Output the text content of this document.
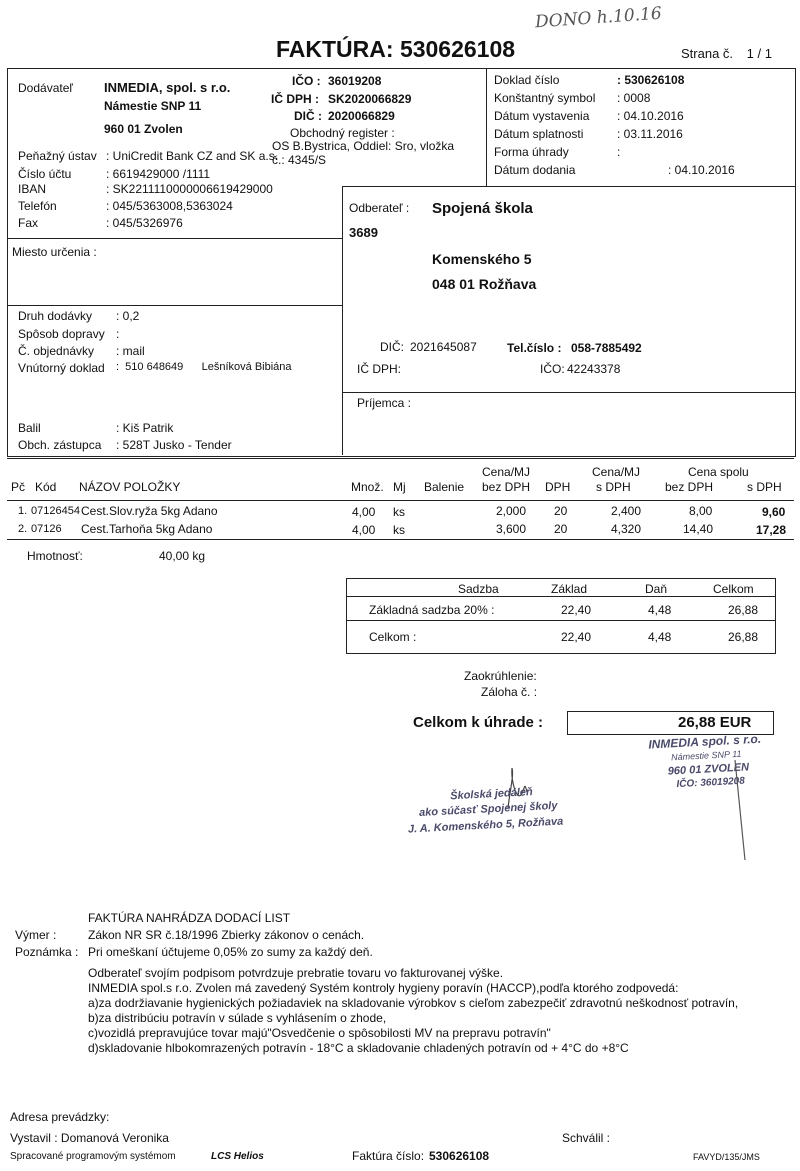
DONO h.10.16
FAKTÚRA: 530626108	Strana č. 1 / 1
Dodávateľ INMEDIA, spol. s r.o.
Námestie SNP 11
960 01 Zvolen
IČO : 36019208
IČ DPH : SK2020066829
DIČ : 2020066829
Obchodný register :
OS B.Bystrica, Oddiel: Sro, vložka
č.: 4345/S
Peňažný ústav : UniCredit Bank CZ and SK a.s.
Číslo účtu	: 6619429000 /1111
IBAN	: SK2211110000006619429000
Telefón	: 045/5363008,5363024
Fax	: 045/5326976
Doklad číslo	: 530626108
Konštantný symbol : 0008
Dátum vystavenia : 04.10.2016
Dátum splatnosti	: 03.11.2016
Forma úhrady	:
Dátum dodania	: 04.10.2016
Odberateľ : Spojená škola
3689
Komenského 5
048 01 Rožňava
DIČ: 2021645087	Tel.číslo : 058-7885492
IČ DPH:	IČO: 42243378
Príjemca :
Miesto určenia :
Druh dodávky : 0,2
Spôsob dopravy :
Č. objednávky : mail
Vnútorný doklad :  510 648649      Lešníková Bibiána
Balil	: Kiš Patrik
Obch. zástupca : 528T Jusko - Tender
Pč Kód NÁZOV POLOŽKY	Množ. Mj Balenie
Cena/MJ
bez DPH DPH
Cena/MJ
s DPH
Cena spolu
bez DPH	s DPH
1. 07126454 Cest.Slov.ryža 5kg Adano	4,00 ks	2,000 20	2,400	8,00	9,60
2. 07126 Cest.Tarhoňa 5kg Adano	4,00 ks	3,600 20	4,320	14,40	17,28
Hmotnosť:	40,00 kg
Sadzba	Základ	Daň	Celkom
Základná sadzba 20% :	22,40	4,48	26,88
Celkom :	22,40	4,48	26,88
Zaokrúhlenie:
Záloha č. :
Celkom k úhrade :	26,88 EUR
INMEDIA spol. s r.o.
Námestie SNP 11
960 01 ZVOLEN
IČO: 36019208
Školská jedáleň
ako súčasť Spojenej školy
J. A. Komenského 5, Rožňava
FAKTÚRA NAHRÁDZA DODACÍ LIST
Výmer :	Zákon NR SR č.18/1996 Zbierky zákonov o cenách.
Poznámka : Pri omeškaní účtujeme 0,05% zo sumy za každý deň.
Odberateľ svojím podpisom potvrdzuje prebratie tovaru vo fakturovanej výške.
INMEDIA spol.s r.o. Zvolen má zavedený Systém kontroly hygieny poravín (HACCP),podľa ktorého zodpovedá:
a)za dodržiavanie hygienických požiadaviek na skladovanie výrobkov s cieľom zabezpečiť zdravotnú neškodnosť potravín,
b)za distribúciu potravín v súlade s vyhlásením o zhode,
c)vozidlá prepravujúce tovar majú"Osvedčenie o spôsobilosti MV na prepravu potravín"
d)skladovanie hlbokomrazených potravín - 18°C a skladovanie chladených potravín od + 4°C do +8°C
Adresa prevádzky:
Vystavil : Domanová Veronika	Schválil :
Spracované programovým systémom	LCS Helios	Faktúra číslo: 530626108	FAVYD/135/JMS
